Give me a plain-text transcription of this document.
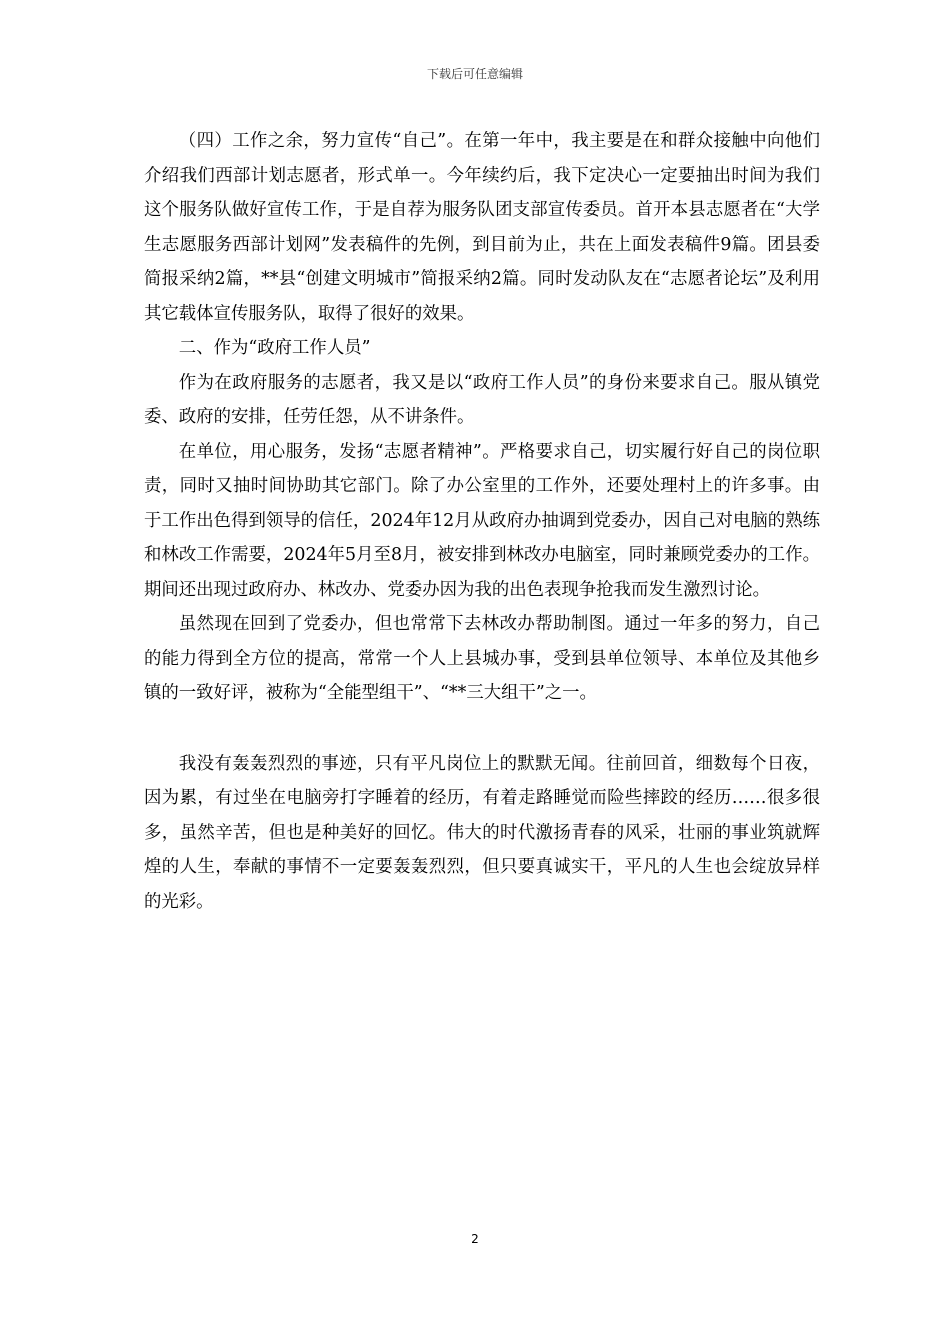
下载后可任意编辑

（四）工作之余，努力宣传“自己”。在第一年中，我主要是在和群众接触中向他们介绍我们西部计划志愿者，形式单一。今年续约后，我下定决心一定要抽出时间为我们这个服务队做好宣传工作，于是自荐为服务队团支部宣传委员。首开本县志愿者在“大学生志愿服务西部计划网”发表稿件的先例，到目前为止，共在上面发表稿件9篇。团县委简报采纳2篇，**县“创建文明城市”简报采纳2篇。同时发动队友在“志愿者论坛”及利用其它载体宣传服务队，取得了很好的效果。

二、作为“政府工作人员”

作为在政府服务的志愿者，我又是以“政府工作人员”的身份来要求自己。服从镇党委、政府的安排，任劳任怨，从不讲条件。

在单位，用心服务，发扬“志愿者精神”。严格要求自己，切实履行好自己的岗位职责，同时又抽时间协助其它部门。除了办公室里的工作外，还要处理村上的许多事。由于工作出色得到领导的信任，2024年12月从政府办抽调到党委办，因自己对电脑的熟练和林改工作需要，2024年5月至8月，被安排到林改办电脑室，同时兼顾党委办的工作。期间还出现过政府办、林改办、党委办因为我的出色表现争抢我而发生激烈讨论。

虽然现在回到了党委办，但也常常下去林改办帮助制图。通过一年多的努力，自己的能力得到全方位的提高，常常一个人上县城办事，受到县单位领导、本单位及其他乡镇的一致好评，被称为“全能型组干”、“**三大组干”之一。

我没有轰轰烈烈的事迹，只有平凡岗位上的默默无闻。往前回首，细数每个日夜，因为累，有过坐在电脑旁打字睡着的经历，有着走路睡觉而险些摔跤的经历……很多很多，虽然辛苦，但也是种美好的回忆。伟大的时代激扬青春的风采，壮丽的事业筑就辉煌的人生，奉献的事情不一定要轰轰烈烈，但只要真诚实干，平凡的人生也会绽放异样的光彩。

2
